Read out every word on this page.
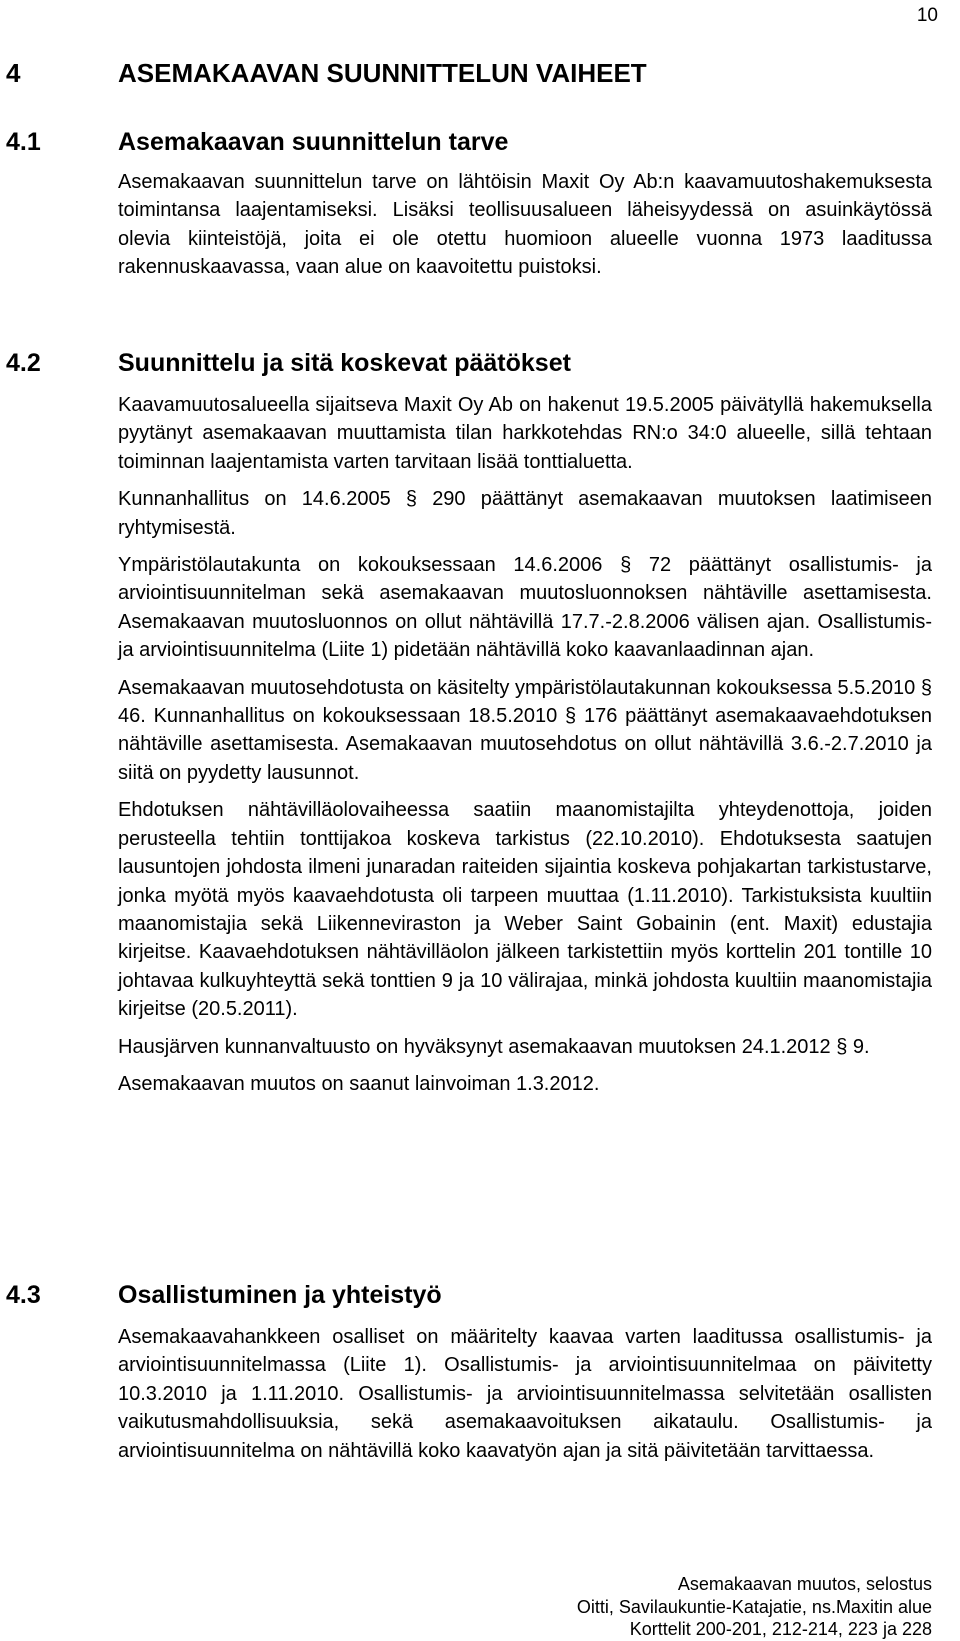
10
4	ASEMAKAAVAN SUUNNITTELUN VAIHEET
4.1	Asemakaavan suunnittelun tarve

Asemakaavan suunnittelun tarve on lähtöisin Maxit Oy Ab:n kaavamuutoshakemuksesta toimintansa laajentamiseksi. Lisäksi teollisuusalueen läheisyydessä on asuinkäytössä olevia kiinteistöjä, joita ei ole otettu huomioon alueelle vuonna 1973 laaditussa rakennuskaavassa, vaan alue on kaavoitettu puistoksi.

4.2	Suunnittelu ja sitä koskevat päätökset

Kaavamuutosalueella sijaitseva Maxit Oy Ab on hakenut 19.5.2005 päivätyllä hakemuksella pyytänyt asemakaavan muuttamista tilan harkkotehdas RN:o 34:0 alueelle, sillä tehtaan toiminnan laajentamista varten tarvitaan lisää tonttialuetta.

Kunnanhallitus on 14.6.2005 § 290 päättänyt asemakaavan muutoksen laatimiseen ryhtymisestä.

Ympäristölautakunta on kokouksessaan 14.6.2006 § 72 päättänyt osallistumis- ja arviointisuunnitelman sekä asemakaavan muutosluonnoksen nähtäville asettamisesta. Asemakaavan muutosluonnos on ollut nähtävillä 17.7.-2.8.2006 välisen ajan. Osallistumis- ja arviointisuunnitelma (Liite 1) pidetään nähtävillä koko kaavanlaadinnan ajan.

Asemakaavan muutosehdotusta on käsitelty ympäristölautakunnan kokouksessa 5.5.2010 § 46. Kunnanhallitus on kokouksessaan 18.5.2010 § 176 päättänyt asemakaavaehdotuksen nähtäville asettamisesta. Asemakaavan muutosehdotus on ollut nähtävillä 3.6.-2.7.2010 ja siitä on pyydetty lausunnot.

Ehdotuksen nähtävilläolovaiheessa saatiin maanomistajilta yhteydenottoja, joiden perusteella tehtiin tonttijakoa koskeva tarkistus (22.10.2010). Ehdotuksesta saatujen lausuntojen johdosta ilmeni junaradan raiteiden sijaintia koskeva pohjakartan tarkistustarve, jonka myötä myös kaavaehdotusta oli tarpeen muuttaa (1.11.2010). Tarkistuksista kuultiin maanomistajia sekä Liikenneviraston ja Weber Saint Gobainin (ent. Maxit) edustajia kirjeitse. Kaavaehdotuksen nähtävilläolon jälkeen tarkistettiin myös korttelin 201 tontille 10 johtavaa kulkuyhteyttä sekä tonttien 9 ja 10 välirajaa, minkä johdosta kuultiin maanomistajia kirjeitse (20.5.2011).

Hausjärven kunnanvaltuusto on hyväksynyt asemakaavan muutoksen 24.1.2012 § 9.

Asemakaavan muutos on saanut lainvoiman 1.3.2012.

4.3	Osallistuminen ja yhteistyö

Asemakaavahankkeen osalliset on määritelty kaavaa varten laaditussa osallistumis- ja arviointisuunnitelmassa (Liite 1). Osallistumis- ja arviointisuunnitelmaa on päivitetty 10.3.2010 ja 1.11.2010. Osallistumis- ja arviointisuunnitelmassa selvitetään osallisten vaikutusmahdollisuuksia, sekä asemakaavoituksen aikataulu. Osallistumis- ja arviointisuunnitelma on nähtävillä koko kaavatyön ajan ja sitä päivitetään tarvittaessa.

Asemakaavan muutos, selostus
Oitti, Savilaukuntie-Katajatie, ns.Maxitin alue
Korttelit 200-201, 212-214, 223 ja 228
